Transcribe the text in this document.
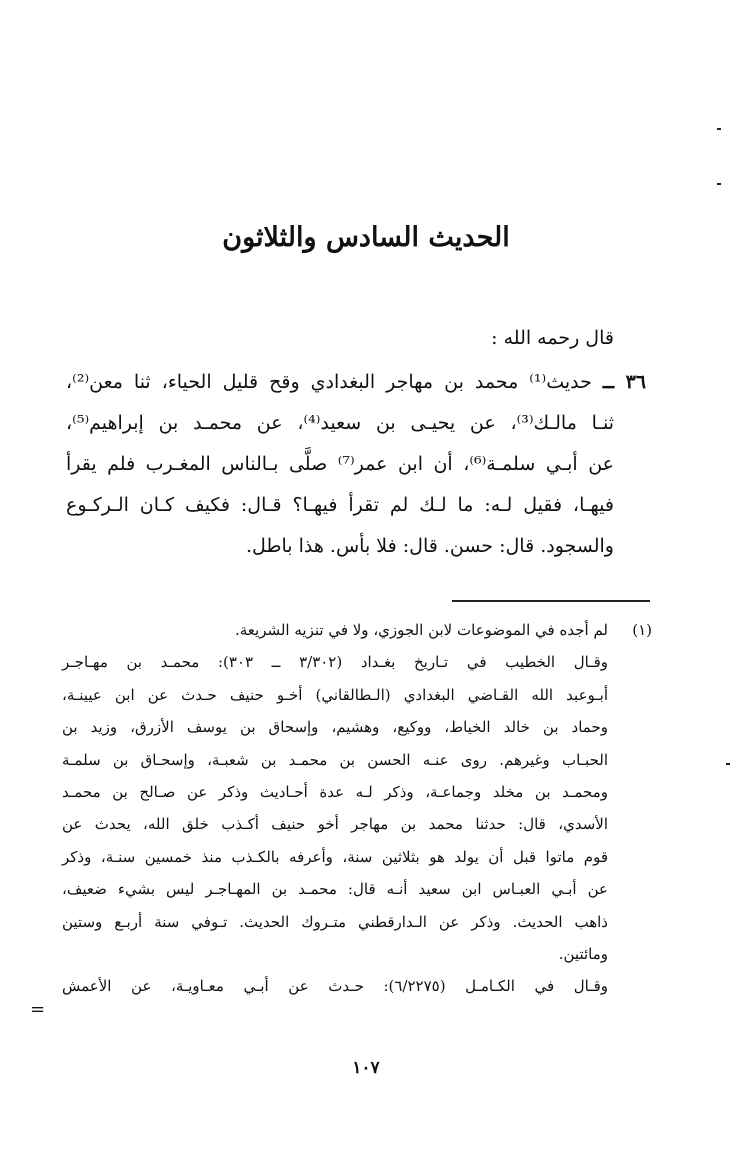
الحديث السادس والثلاثون
قال رحمه الله :
٣٦ ــ حديث⁽¹⁾ محمد بن مهاجر البغدادي وقح قليل الحياء، ثنا معن⁽²⁾،
ثنـا مالـك⁽³⁾، عن يحيـى بن سعيد⁽⁴⁾، عن محمـد بن إبراهيم⁽⁵⁾،
عن أبـي سلمـة⁽⁶⁾، أن ابن عمر⁽⁷⁾ صلَّى بـالناس المغـرب فلم يقرأ
فيهـا، فقيل لـه: ما لـك لم تقرأ فيهـا؟ قـال: فكيف كـان الـركـوع
والسجود. قال: حسن. قال: فلا بأس. هذا باطل.
(١)لم أجده في الموضوعات لابن الجوزي، ولا في تنزيه الشريعة.
وقـال الخطيب في تـاريخ بغـداد (٣/٣٠٢ ــ ٣٠٣): محمـد بن مهـاجـر
أبـوعبد الله القـاضي البغدادي (الـطالقاني) أخـو حنيف حـدث عن ابن عيينـة،
وحماد بن خالد الخياط، ووكيع، وهشيم، وإسحاق بن يوسف الأزرق، وزيد بن
الحبـاب وغيرهم. روى عنـه الحسن بن محمـد بن شعبـة، وإسحـاق بن سلمـة
ومحمـد بن مخلد وجماعـة، وذكر لـه عدة أحـاديث وذكر عن صـالح بن محمـد
الأسدي، قال: حدثنا محمد بن مهاجر أخو حنيف أكـذب خلق الله، يحدث عن
قوم ماتوا قبل أن يولد هو بثلاثين سنة، وأعرفه بالكـذب منذ خمسين سنـة، وذكر
عن أبـي العبـاس ابن سعيد أنـه قال: محمـد بن المهـاجـر ليس بشيء ضعيف،
ذاهب الحديث. وذكر عن الـدارقطني متـروك الحديث. تـوفي سنة أربـع وستين
ومائتين.
وقـال في الكـامـل (٦/٢٢٧٥): حـدث عن أبـي معـاويـة، عن الأعمش
=
١٠٧
